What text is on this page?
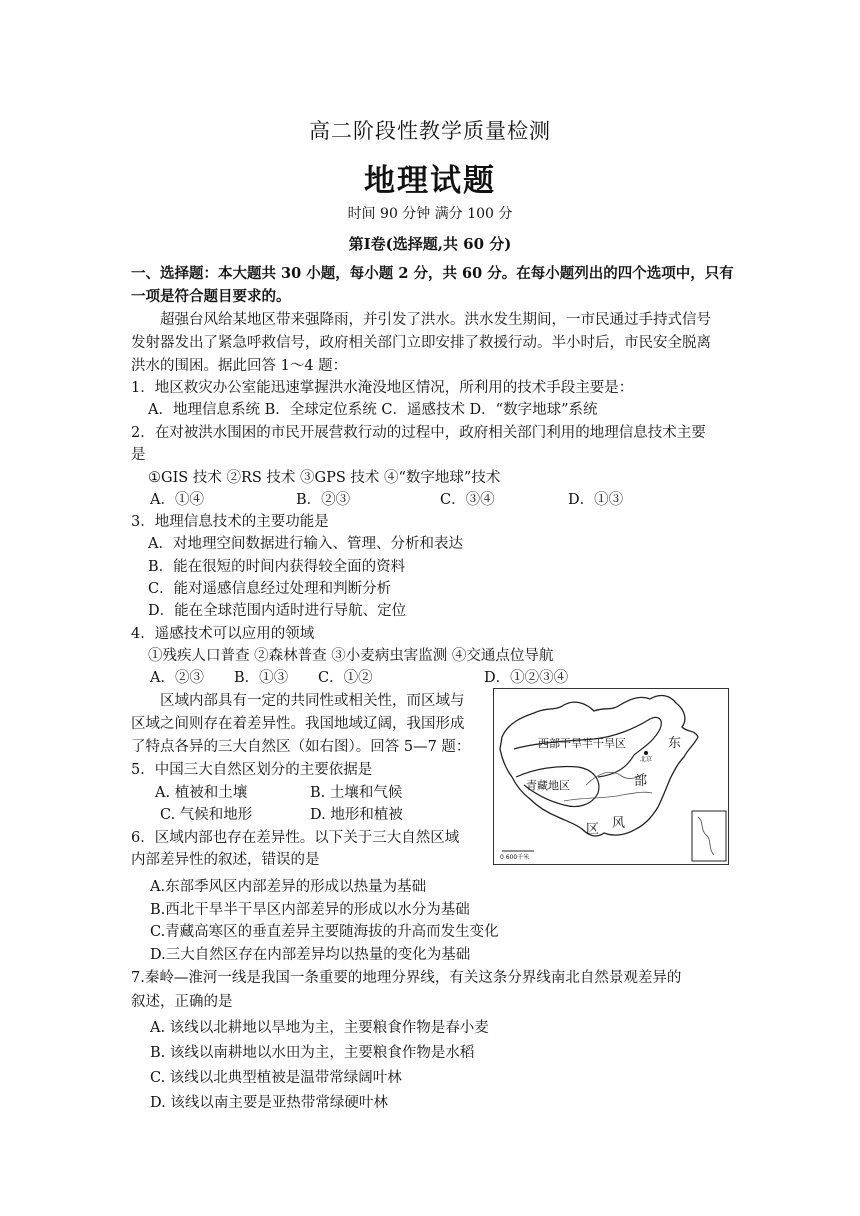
高二阶段性教学质量检测
地理试题
时间 90 分钟 满分 100 分
第Ⅰ卷(选择题,共 60 分)
一、选择题：本大题共 30 小题，每小题 2 分，共 60 分。在每小题列出的四个选项中，只有
一项是符合题目要求的。
超强台风给某地区带来强降雨，并引发了洪水。洪水发生期间，一市民通过手持式信号
发射器发出了紧急呼救信号，政府相关部门立即安排了救援行动。半小时后，市民安全脱离
洪水的围困。据此回答 1～4 题：
1．地区救灾办公室能迅速掌握洪水淹没地区情况，所利用的技术手段主要是：
A．地理信息系统 B．全球定位系统 C．遥感技术 D．“数字地球”系统
2．在对被洪水围困的市民开展营救行动的过程中，政府相关部门利用的地理信息技术主要
是
①GIS 技术 ②RS 技术 ③GPS 技术 ④“数字地球”技术
A．①④	B．②③	C．③④	D．①③
3．地理信息技术的主要功能是
A．对地理空间数据进行输入、管理、分析和表达
B．能在很短的时间内获得较全面的资料
C．能对遥感信息经过处理和判断分析
D．能在全球范围内适时进行导航、定位
4．遥感技术可以应用的领域
①残疾人口普查 ②森林普查 ③小麦病虫害监测 ④交通点位导航
A．②③ B．①③ C．①②	D．①②③④
区域内部具有一定的共同性或相关性，而区域与
区域之间则存在着差异性。我国地域辽阔，我国形成
了特点各异的三大自然区（如右图）。回答 5—7 题：	西部干旱半干旱区
青藏地区
东
部
区 风
北京
0 600千米
5．中国三大自然区划分的主要依据是
A. 植被和土壤	B. 土壤和气候
C. 气候和地形	D. 地形和植被
6．区域内部也存在差异性。以下关于三大自然区域
内部差异性的叙述，错误的是
A.东部季风区内部差异的形成以热量为基础
B.西北干旱半干旱区内部差异的形成以水分为基础
C.青藏高寒区的垂直差异主要随海拔的升高而发生变化
D.三大自然区存在内部差异均以热量的变化为基础
7.秦岭—淮河一线是我国一条重要的地理分界线，有关这条分界线南北自然景观差异的
叙述，正确的是
A. 该线以北耕地以旱地为主，主要粮食作物是春小麦
B. 该线以南耕地以水田为主，主要粮食作物是水稻
C. 该线以北典型植被是温带常绿阔叶林
D. 该线以南主要是亚热带常绿硬叶林
